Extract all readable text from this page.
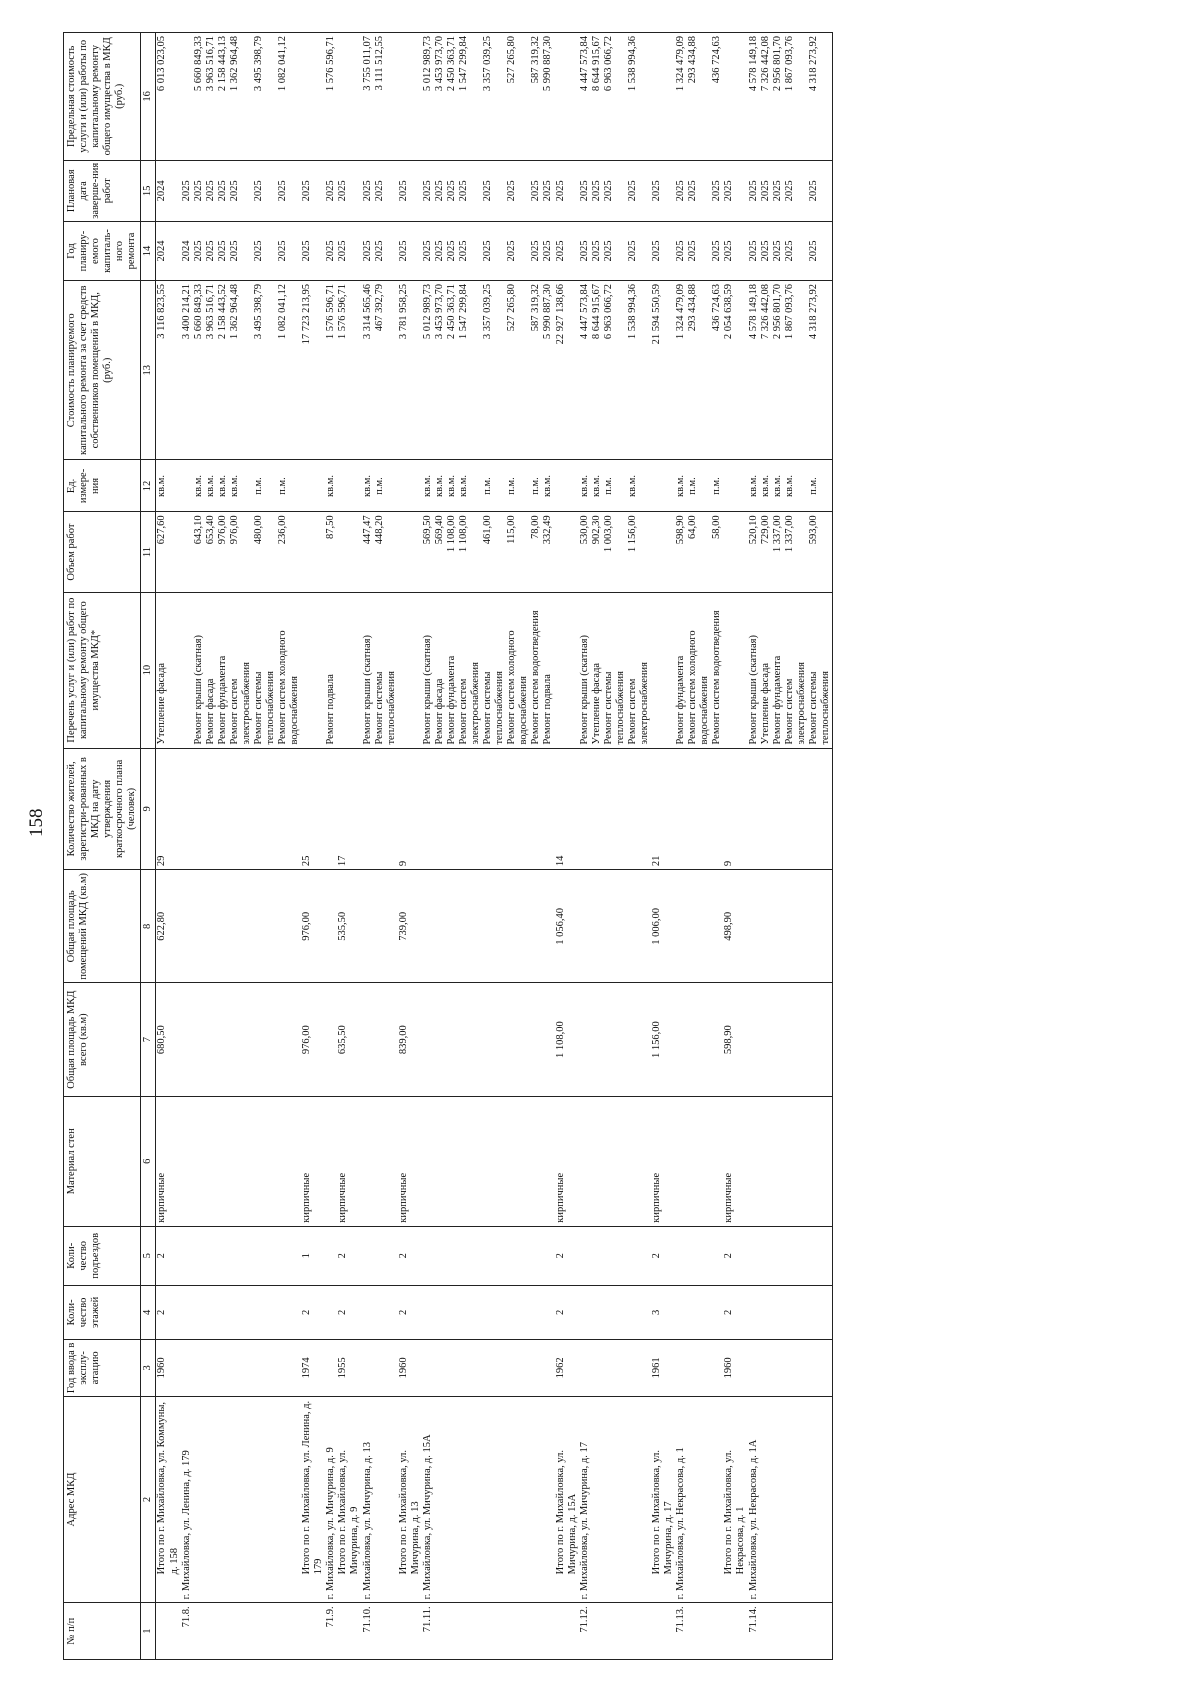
158
№ п/п	Адрес МКД	Год ввода в эксплу-атацию	Коли-чество этажей	Коли-чество подъездов	Материал стен	Общая площадь МКД всего (кв.м)	Общая площадь помещений МКД (кв.м)	Количество жителей, зарегистри-рованных в МКД на дату утверждения краткосрочного плана (человек)	Перечень услуг и (или) работ по капитальному ремонту общего имущества МКД*	Объем работ	Ед. измере-ния	Стоимость планируемого капитального ремонта за счет средств собственников помещений в МКД, (руб.)	Год планиру-емого капиталь-ного ремонта	Плановая дата заверше-ния работ	Предельная стоимость услуги и (или) работы по капитальному ремонту общего имущества в МКД (руб.)
1	2	3	4	5	6	7	8	9	10	11	12	13	14	15	16
	Итого по г. Михайловка, ул. Коммуны, д. 158	1960	2	2	кирпичные	680,50	622,80	29	Утепление фасада	627,60	кв.м.	3 116 823,55	2024	2024	6 013 023,05
71.8.	г. Михайловка, ул. Ленина, д. 179											3 400 214,21	2024	2025	
									Ремонт крыши (скатная)	643,10	кв.м.	5 660 849,33	2025	2025	5 660 849,33
									Ремонт фасада	653,40	кв.м.	3 963 516,71	2025	2025	3 963 516,71
									Ремонт фундамента	976,00	кв.м.	2 158 443,52	2025	2025	2 158 443,13
									Ремонт систем электроснабжения	976,00	кв.м.	1 362 964,48	2025	2025	1 362 964,48
									Ремонт системы теплоснабжения	480,00	п.м.	3 495 398,79	2025	2025	3 495 398,79
									Ремонт систем холодного водоснабжения	236,00	п.м.	1 082 041,12	2025	2025	1 082 041,12
	Итого по г. Михайловка, ул. Ленина, д. 179	1974	2	1	кирпичные	976,00	976,00	25				17 723 213,95	2025	2025	
71.9.	г. Михайловка, ул. Мичурина, д. 9								Ремонт подвала	87,50	кв.м.	1 576 596,71	2025	2025	1 576 596,71
	Итого по г. Михайловка, ул. Мичурина, д. 9	1955	2	2	кирпичные	635,50	535,50	17				1 576 596,71	2025	2025	
71.10.	г. Михайловка, ул. Мичурина, д. 13								Ремонт крыши (скатная)	447,47	кв.м.	3 314 565,46	2025	2025	3 755 011,07
									Ремонт системы теплоснабжения	448,20	п.м.	467 392,79	2025	2025	3 111 512,55
	Итого по г. Михайловка, ул. Мичурина, д. 13	1960	2	2	кирпичные	839,00	739,00	9				3 781 958,25	2025	2025	
71.11.	г. Михайловка, ул. Мичурина, д. 15А								Ремонт крыши (скатная)	569,50	кв.м.	5 012 989,73	2025	2025	5 012 989,73
									Ремонт фасада	569,40	кв.м.	3 453 973,70	2025	2025	3 453 973,70
									Ремонт фундамента	1 108,00	кв.м.	2 450 363,71	2025	2025	2 450 363,71
									Ремонт систем электроснабжения	1 108,00	кв.м.	1 547 299,84	2025	2025	1 547 299,84
									Ремонт системы теплоснабжения	461,00	п.м.	3 357 039,25	2025	2025	3 357 039,25
									Ремонт систем холодного водоснабжения	115,00	п.м.	527 265,80	2025	2025	527 265,80
									Ремонт систем водоотведения	78,00	п.м.	587 319,32	2025	2025	587 319,32
									Ремонт подвала	332,49	кв.м.	5 990 887,30	2025	2025	5 990 887,30
	Итого по г. Михайловка, ул. Мичурина, д. 15А	1962	2	2	кирпичные	1 108,00	1 056,40	14				22 927 138,66	2025	2025	
71.12.	г. Михайловка, ул. Мичурина, д. 17								Ремонт крыши (скатная)	530,00	кв.м.	4 447 573,84	2025	2025	4 447 573,84
									Утепление фасада	902,30	кв.м.	8 644 915,67	2025	2025	8 644 915,67
									Ремонт системы теплоснабжения	1 003,00	п.м.	6 963 066,72	2025	2025	6 963 066,72
									Ремонт систем электроснабжения	1 156,00	кв.м.	1 538 994,36	2025	2025	1 538 994,36
	Итого по г. Михайловка, ул. Мичурина, д. 17	1961	3	2	кирпичные	1 156,00	1 006,00	21				21 594 550,59	2025	2025	
71.13.	г. Михайловка, ул. Некрасова, д. 1								Ремонт фундамента	598,90	кв.м.	1 324 479,09	2025	2025	1 324 479,09
									Ремонт систем холодного водоснабжения	64,00	п.м.	293 434,88	2025	2025	293 434,88
									Ремонт систем водоотведения	58,00	п.м.	436 724,63	2025	2025	436 724,63
	Итого по г. Михайловка, ул. Некрасова, д. 1	1960	2	2	кирпичные	598,90	498,90	9				2 054 638,59	2025	2025	
71.14.	г. Михайловка, ул. Некрасова, д. 1А								Ремонт крыши (скатная)	520,10	кв.м.	4 578 149,18	2025	2025	4 578 149,18
									Утепление фасада	729,00	кв.м.	7 326 442,08	2025	2025	7 326 442,08
									Ремонт фундамента	1 337,00	кв.м.	2 956 801,70	2025	2025	2 956 801,70
									Ремонт систем электроснабжения	1 337,00	кв.м.	1 867 093,76	2025	2025	1 867 093,76
									Ремонт системы теплоснабжения	593,00	п.м.	4 318 273,92	2025	2025	4 318 273,92
